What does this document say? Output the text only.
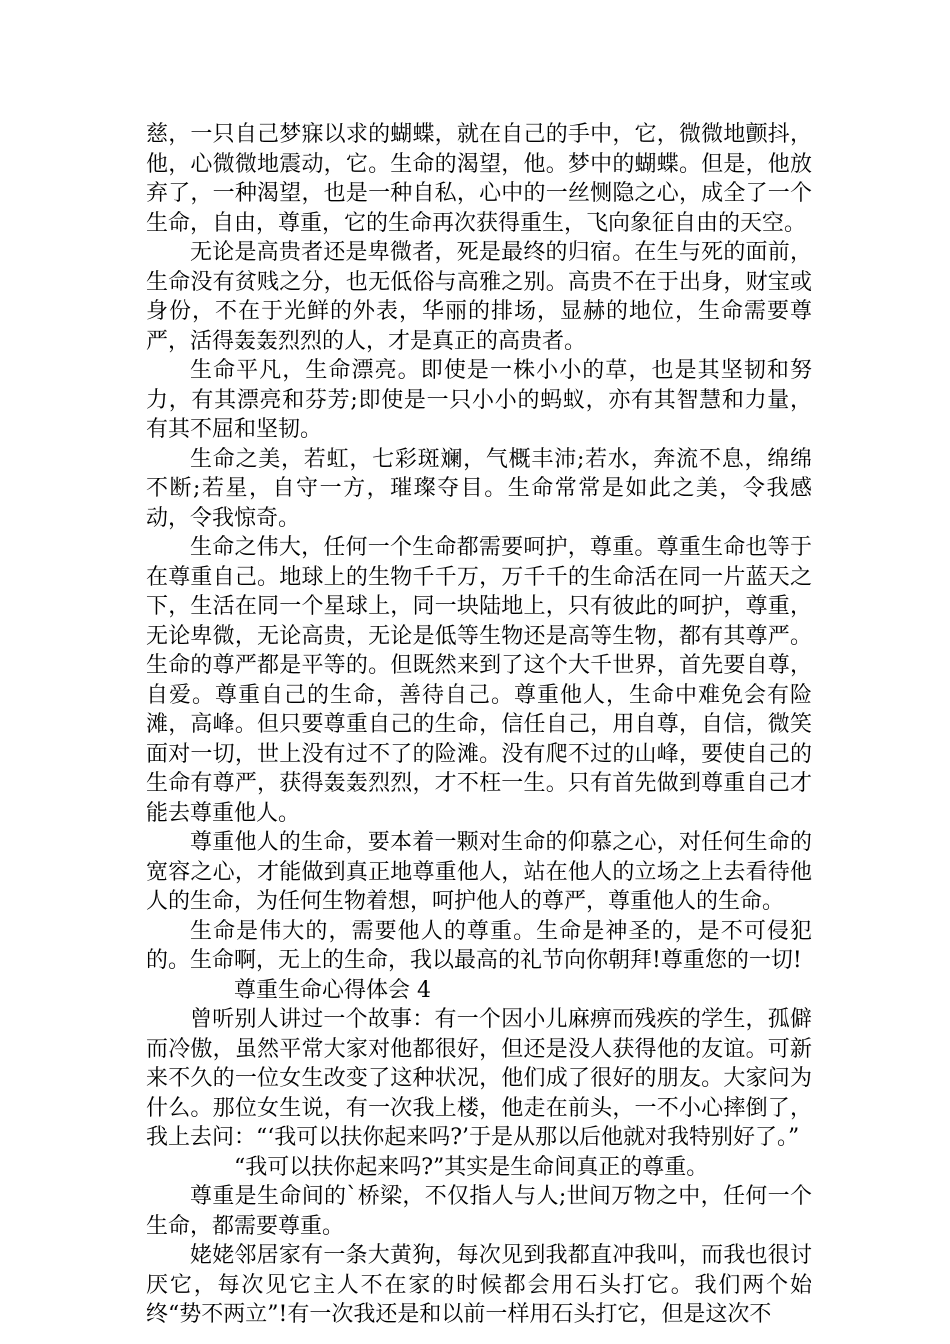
慈，一只自己梦寐以求的蝴蝶，就在自己的手中，它，微微地颤抖，他，心微微地震动，它。生命的渴望，他。梦中的蝴蝶。但是，他放弃了，一种渴望，也是一种自私，心中的一丝恻隐之心，成全了一个生命，自由，尊重，它的生命再次获得重生，飞向象征自由的天空。

无论是高贵者还是卑微者，死是最终的归宿。在生与死的面前，生命没有贫贱之分，也无低俗与高雅之别。高贵不在于出身，财宝或身份，不在于光鲜的外表，华丽的排场，显赫的地位，生命需要尊严，活得轰轰烈烈的人，才是真正的高贵者。

生命平凡，生命漂亮。即使是一株小小的草，也是其坚韧和努力，有其漂亮和芬芳;即使是一只小小的蚂蚁，亦有其智慧和力量，有其不屈和坚韧。

生命之美，若虹，七彩斑斓，气概丰沛;若水，奔流不息，绵绵不断;若星，自守一方，璀璨夺目。生命常常是如此之美，令我感动，令我惊奇。

生命之伟大，任何一个生命都需要呵护，尊重。尊重生命也等于在尊重自己。地球上的生物千千万，万千千的生命活在同一片蓝天之下，生活在同一个星球上，同一块陆地上，只有彼此的呵护，尊重，无论卑微，无论高贵，无论是低等生物还是高等生物，都有其尊严。生命的尊严都是平等的。但既然来到了这个大千世界，首先要自尊，自爱。尊重自己的生命，善待自己。尊重他人，生命中难免会有险滩，高峰。但只要尊重自己的生命，信任自己，用自尊，自信，微笑面对一切，世上没有过不了的险滩。没有爬不过的山峰，要使自己的生命有尊严，获得轰轰烈烈，才不枉一生。只有首先做到尊重自己才能去尊重他人。

尊重他人的生命，要本着一颗对生命的仰慕之心，对任何生命的宽容之心，才能做到真正地尊重他人，站在他人的立场之上去看待他人的生命，为任何生物着想，呵护他人的尊严，尊重他人的生命。

生命是伟大的，需要他人的尊重。生命是神圣的，是不可侵犯的。生命啊，无上的生命，我以最高的礼节向你朝拜!尊重您的一切!

尊重生命心得体会 4

曾听别人讲过一个故事：有一个因小儿麻痹而残疾的学生，孤僻而冷傲，虽然平常大家对他都很好，但还是没人获得他的友谊。可新来不久的一位女生改变了这种状况，他们成了很好的朋友。大家问为什么。那位女生说，有一次我上楼，他走在前头，一不小心摔倒了，我上去问：“‘我可以扶你起来吗?’于是从那以后他就对我特别好了。”

“我可以扶你起来吗?”其实是生命间真正的尊重。

尊重是生命间的`桥梁，不仅指人与人;世间万物之中，任何一个生命，都需要尊重。

姥姥邻居家有一条大黄狗，每次见到我都直冲我叫，而我也很讨厌它，每次见它主人不在家的时候都会用石头打它。我们两个始终“势不两立”!有一次我还是和以前一样用石头打它，但是这次不
